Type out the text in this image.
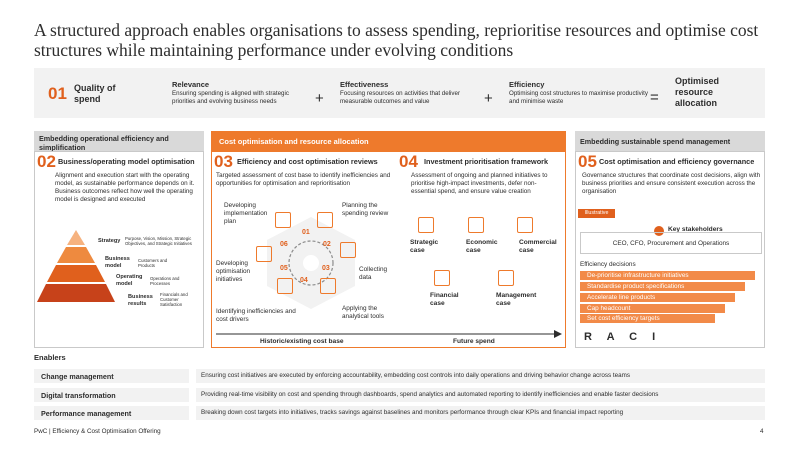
A structured approach enables organisations to assess spending, reprioritise resources and optimise cost structures while maintaining performance under evolving conditions
01 Quality of spend
Relevance
Ensuring spending is aligned with strategic priorities and evolving business needs	+
Effectiveness
Focusing resources on activities that deliver measurable outcomes and value	+
Efficiency
Optimising cost structures to maximise productivity and minimise waste	=
Optimised resource allocation
Embedding operational efficiency and simplification
02 Business/operating model optimisation
Alignment and execution start with the operating model, as sustainable performance depends on it. Business outcomes reflect how well the operating model is designed and executed
Strategy Purpose, Vision, Mission, Strategic Objectives, and Strategic Initiatives
Business model
Customers and Products
Operating model
Operations and Processes
Business results
Financials and Customer Satisfaction
Cost optimisation and resource allocation
03 Efficiency and cost optimisation reviews
Targeted assessment of cost base to identify inefficiencies and opportunities for optimisation and reprioritisation
01
06	02
05	03
04
Developing implementation plan
Planning the spending review
Collecting data
Applying the analytical tools
Identifying inefficiencies and cost drivers
Developing optimisation initiatives
04 Investment prioritisation framework
Assessment of ongoing and planned initiatives to prioritise high-impact investments, defer non-essential spend, and ensure value creation
Strategic case
Economic case
Commercial case
Financial case
Management case
Historic/existing cost base	Future spend
Embedding sustainable spend management
05 Cost optimisation and efficiency governance
Governance structures that coordinate cost decisions, align with business priorities and ensure consistent execution across the organisation
Illustrative
Key stakeholders
CEO, CFO, Procurement and Operations
Efficiency decisions
De-prioritise infrastructure initiatives
Standardise product specifications
Accelerate line products
Cap headcount
Set cost efficiency targets
R A C I
Enablers
Change management	Ensuring cost initiatives are executed by enforcing accountability, embedding cost controls into daily operations and driving behavior change across teams
Digital transformation	Providing real-time visibility on cost and spending through dashboards, spend analytics and automated reporting to identify inefficiencies and enable faster decisions
Performance management	Breaking down cost targets into initiatives, tracks savings against baselines and monitors performance through clear KPIs and financial impact reporting
PwC | Efficiency & Cost Optimisation Offering	4
